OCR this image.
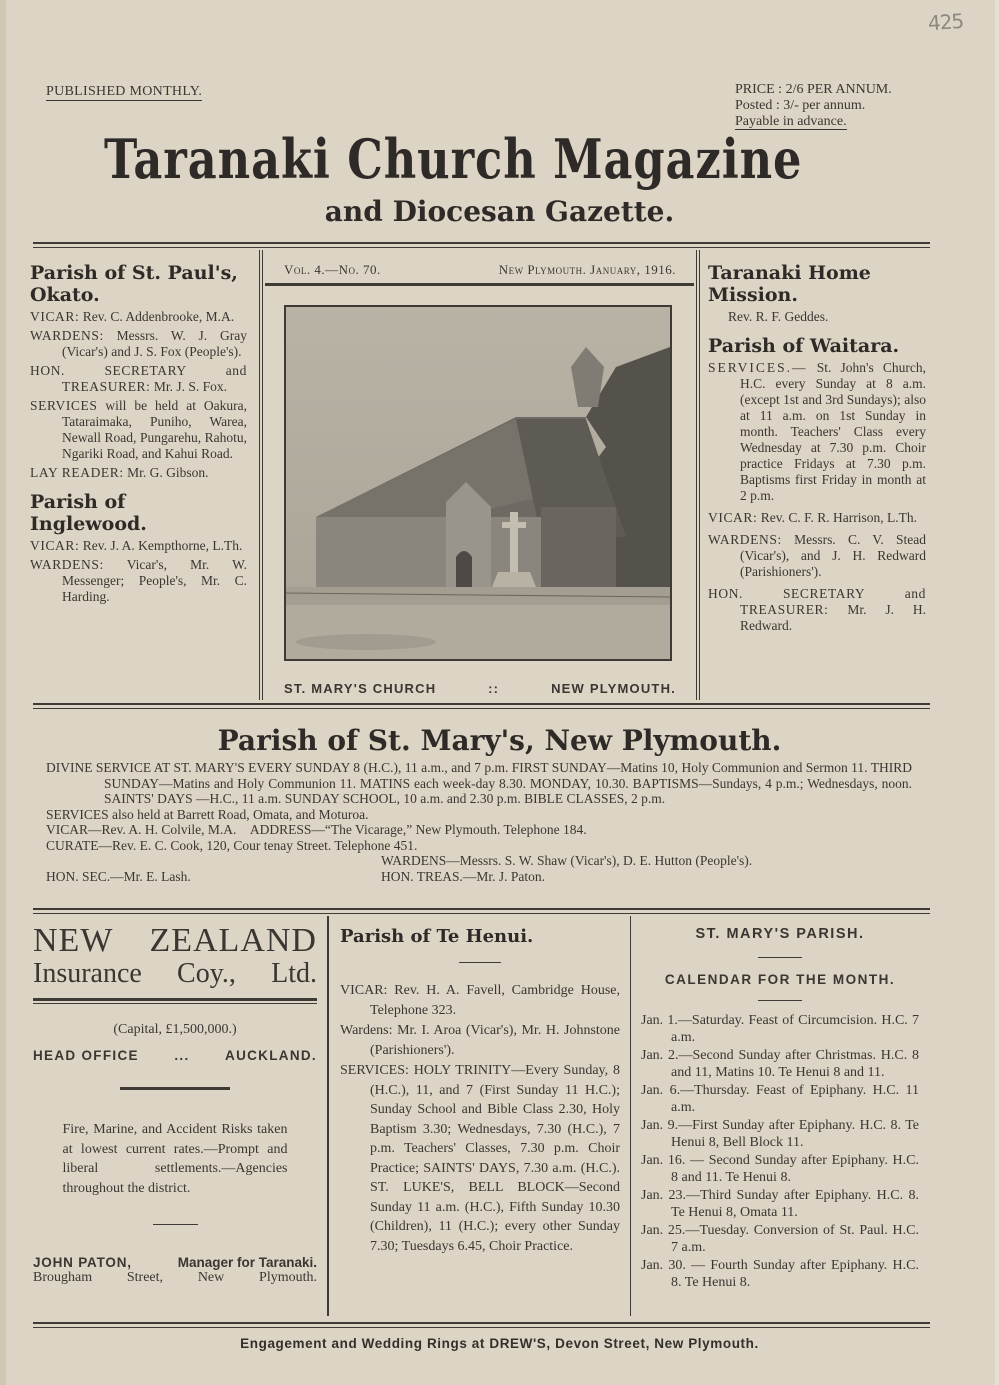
425
PUBLISHED MONTHLY.	PRICE : 2/6 PER ANNUM.
Posted : 3/- per annum.
Payable in advance.
Taranaki Church Magazine
and Diocesan Gazette.
Parish of St. Paul's, Okato.
VICAR: Rev. C. Addenbrooke, M.A.
WARDENS: Messrs. W. J. Gray (Vicar's) and J. S. Fox (People's).
HON. SECRETARY and TREASURER: Mr. J. S. Fox.
SERVICES will be held at Oakura, Tataraimaka, Puniho, Warea, Newall Road, Pungarehu, Rahotu, Ngariki Road, and Kahui Road.
LAY READER: Mr. G. Gibson.
Parish of Inglewood.
VICAR: Rev. J. A. Kempthorne, L.Th.
WARDENS: Vicar's, Mr. W. Messenger; People's, Mr. C. Harding.
Vol. 4.—No. 70.	New Plymouth. January, 1916.
ST. MARY'S CHURCH	::	NEW PLYMOUTH.
Taranaki Home Mission.
Rev. R. F. Geddes.
Parish of Waitara.
SERVICES.— St. John's Church, H.C. every Sunday at 8 a.m. (except 1st and 3rd Sundays); also at 11 a.m. on 1st Sunday in month. Teachers' Class every Wednesday at 7.30 p.m. Choir practice Fridays at 7.30 p.m. Baptisms first Friday in month at 2 p.m.
VICAR: Rev. C. F. R. Harrison, L.Th.
WARDENS: Messrs. C. V. Stead (Vicar's), and J. H. Redward (Parishioners').
HON. SECRETARY and TREASURER: Mr. J. H. Redward.
Parish of St. Mary's, New Plymouth.
DIVINE SERVICE AT ST. MARY'S EVERY SUNDAY 8 (H.C.), 11 a.m., and 7 p.m. FIRST SUNDAY—Matins 10, Holy Communion and Sermon 11. THIRD SUNDAY—Matins and Holy Communion 11. MATINS each week-day 8.30. MONDAY, 10.30. BAPTISMS—Sundays, 4 p.m.; Wednesdays, noon. SAINTS' DAYS —H.C., 11 a.m. SUNDAY SCHOOL, 10 a.m. and 2.30 p.m. BIBLE CLASSES, 2 p.m.
SERVICES also held at Barrett Road, Omata, and Moturoa.
VICAR—Rev. A. H. Colvile, M.A. ADDRESS—“The Vicarage,” New Plymouth. Telephone 184.
CURATE—Rev. E. C. Cook, 120, Cour tenay Street. Telephone 451.
WARDENS—Messrs. S. W. Shaw (Vicar's), D. E. Hutton (People's).
HON. SEC.—Mr. E. Lash.	HON. TREAS.—Mr. J. Paton.
NEW ZEALAND
Insurance Coy., Ltd.
(Capital, £1,500,000.)
HEAD OFFICE	...	AUCKLAND.
Fire, Marine, and Accident Risks taken at lowest current rates.—Prompt and liberal settlements.—Agencies throughout the district.
JOHN PATON,	Manager for Taranaki.
Brougham Street, New Plymouth.
Parish of Te Henui.
VICAR: Rev. H. A. Favell, Cambridge House, Telephone 323.
Wardens: Mr. I. Aroa (Vicar's), Mr. H. Johnstone (Parishioners').
SERVICES: HOLY TRINITY—Every Sunday, 8 (H.C.), 11, and 7 (First Sunday 11 H.C.); Sunday School and Bible Class 2.30, Holy Baptism 3.30; Wednesdays, 7.30 (H.C.), 7 p.m. Teachers' Classes, 7.30 p.m. Choir Practice; SAINTS' DAYS, 7.30 a.m. (H.C.). ST. LUKE'S, BELL BLOCK—Second Sunday 11 a.m. (H.C.), Fifth Sunday 10.30 (Children), 11 (H.C.); every other Sunday 7.30; Tuesdays 6.45, Choir Practice.
ST. MARY'S PARISH.
CALENDAR FOR THE MONTH.
Jan. 1.—Saturday. Feast of Circumcision. H.C. 7 a.m.
Jan. 2.—Second Sunday after Christmas. H.C. 8 and 11, Matins 10. Te Henui 8 and 11.
Jan. 6.—Thursday. Feast of Epiphany. H.C. 11 a.m.
Jan. 9.—First Sunday after Epiphany. H.C. 8. Te Henui 8, Bell Block 11.
Jan. 16. — Second Sunday after Epiphany. H.C. 8 and 11. Te Henui 8.
Jan. 23.—Third Sunday after Epiphany. H.C. 8. Te Henui 8, Omata 11.
Jan. 25.—Tuesday. Conversion of St. Paul. H.C. 7 a.m.
Jan. 30. — Fourth Sunday after Epiphany. H.C. 8. Te Henui 8.
Engagement and Wedding Rings at DREW'S, Devon Street, New Plymouth.
